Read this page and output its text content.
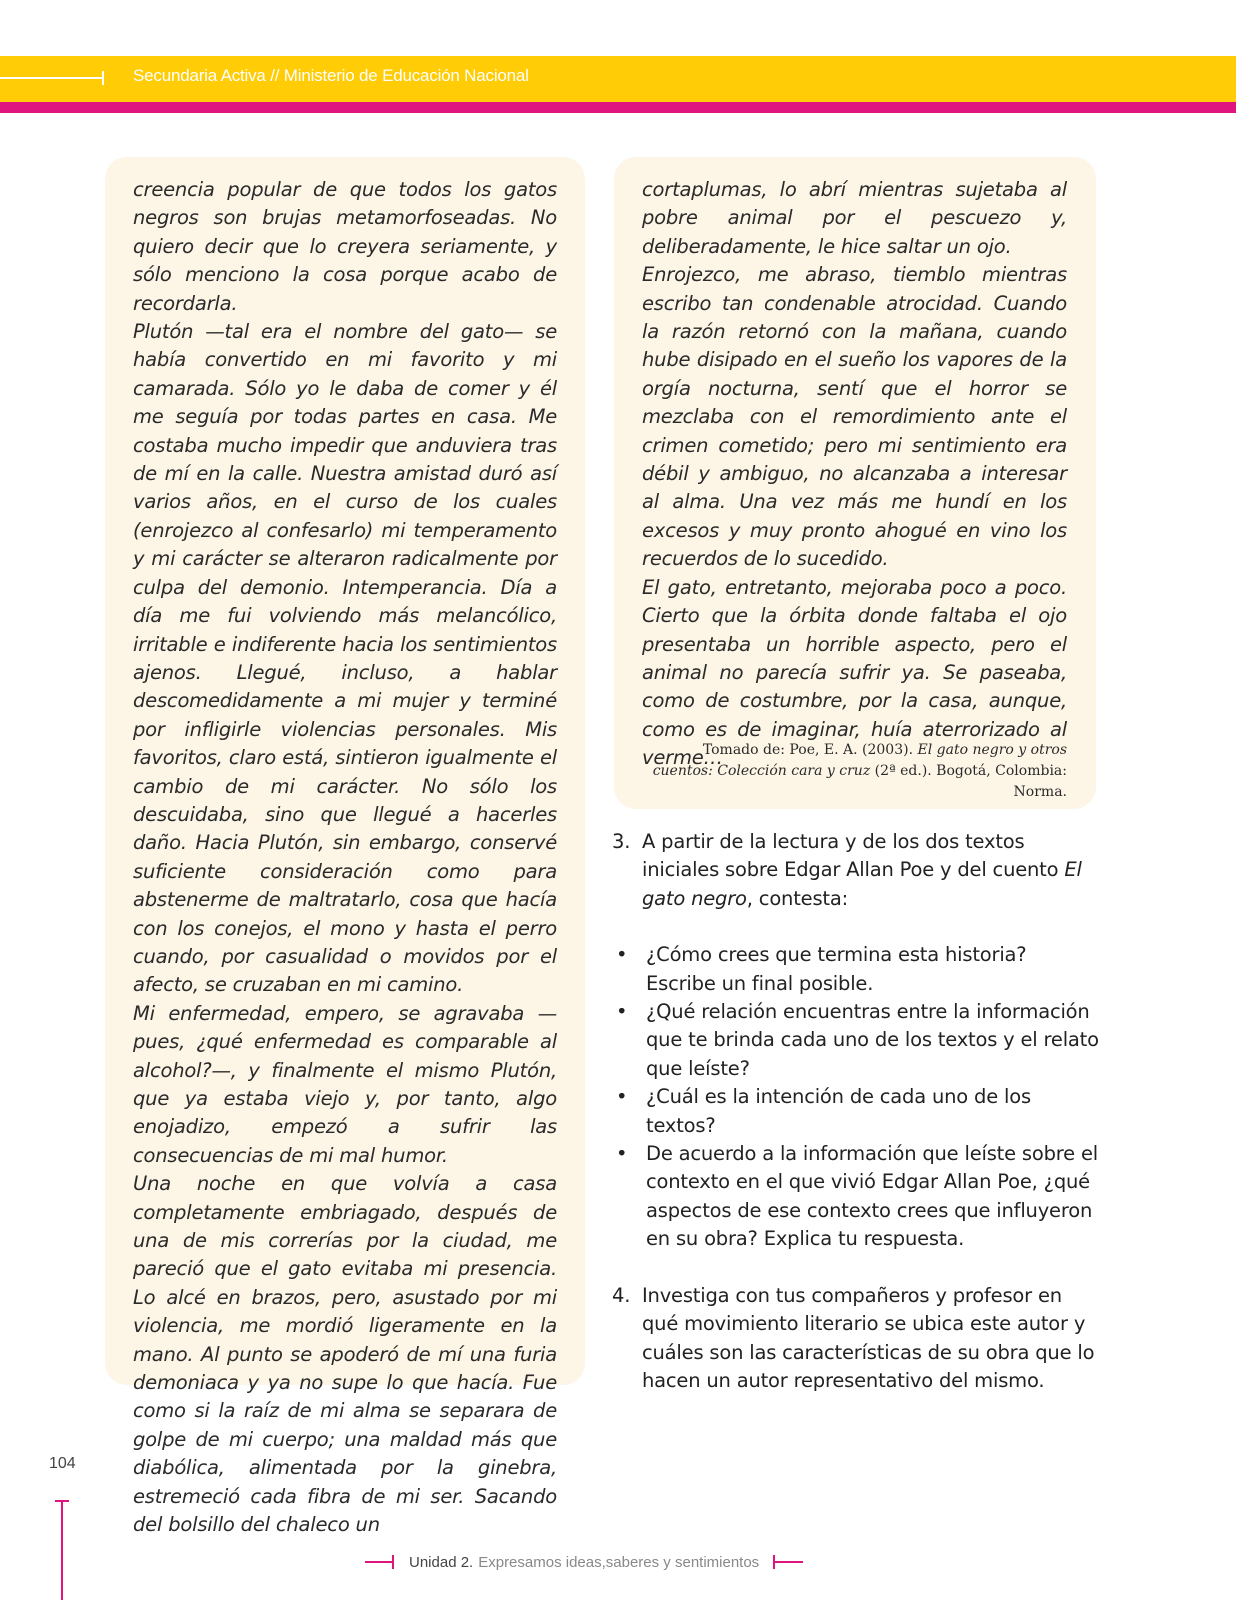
Secundaria Activa // Ministerio de Educación Nacional

creencia popular de que todos los gatos negros son brujas metamorfoseadas. No quiero decir que lo creyera seriamente, y sólo menciono la cosa porque acabo de recordarla.

Plutón —tal era el nombre del gato— se había convertido en mi favorito y mi camarada. Sólo yo le daba de comer y él me seguía por todas partes en casa. Me costaba mucho impedir que anduviera tras de mí en la calle. Nuestra amistad duró así varios años, en el curso de los cuales (enrojezco al confesarlo) mi temperamento y mi carácter se alteraron radicalmente por culpa del demonio. Intemperancia. Día a día me fui volviendo más melancólico, irritable e indiferente hacia los sentimientos ajenos. Llegué, incluso, a hablar descomedidamente a mi mujer y terminé por infligirle violencias personales. Mis favoritos, claro está, sintieron igualmente el cambio de mi carácter. No sólo los descuidaba, sino que llegué a hacerles daño. Hacia Plutón, sin embargo, conservé suficiente consideración como para abstenerme de maltratarlo, cosa que hacía con los conejos, el mono y hasta el perro cuando, por casualidad o movidos por el afecto, se cruzaban en mi camino.

Mi enfermedad, empero, se agravaba —pues, ¿qué enfermedad es comparable al alcohol?—, y finalmente el mismo Plutón, que ya estaba viejo y, por tanto, algo enojadizo, empezó a sufrir las consecuencias de mi mal humor.

Una noche en que volvía a casa completamente embriagado, después de una de mis correrías por la ciudad, me pareció que el gato evitaba mi presencia. Lo alcé en brazos, pero, asustado por mi violencia, me mordió ligeramente en la mano. Al punto se apoderó de mí una furia demoniaca y ya no supe lo que hacía. Fue como si la raíz de mi alma se separara de golpe de mi cuerpo; una maldad más que diabólica, alimentada por la ginebra, estremeció cada fibra de mi ser. Sacando del bolsillo del chaleco un

cortaplumas, lo abrí mientras sujetaba al pobre animal por el pescuezo y, deliberadamente, le hice saltar un ojo.

Enrojezco, me abraso, tiemblo mientras escribo tan condenable atrocidad. Cuando la razón retornó con la mañana, cuando hube disipado en el sueño los vapores de la orgía nocturna, sentí que el horror se mezclaba con el remordimiento ante el crimen cometido; pero mi sentimiento era débil y ambiguo, no alcanzaba a interesar al alma. Una vez más me hundí en los excesos y muy pronto ahogué en vino los recuerdos de lo sucedido.

El gato, entretanto, mejoraba poco a poco. Cierto que la órbita donde faltaba el ojo presentaba un horrible aspecto, pero el animal no parecía sufrir ya. Se paseaba, como de costumbre, por la casa, aunque, como es de imaginar, huía aterrorizado al verme…

Tomado de: Poe, E. A. (2003). El gato negro y otros cuentos: Colección cara y cruz (2ª ed.). Bogotá, Colombia: Norma.
3. A partir de la lectura y de los dos textos iniciales sobre Edgar Allan Poe y del cuento El gato negro, contesta:
• ¿Cómo crees que termina esta historia? Escribe un final posible.
• ¿Qué relación encuentras entre la información que te brinda cada uno de los textos y el relato que leíste?
• ¿Cuál es la intención de cada uno de los textos?
• De acuerdo a la información que leíste sobre el contexto en el que vivió Edgar Allan Poe, ¿qué aspectos de ese contexto crees que influyeron en su obra? Explica tu respuesta.
4. Investiga con tus compañeros y profesor en qué movimiento literario se ubica este autor y cuáles son las características de su obra que lo hacen un autor representativo del mismo.
104
Unidad 2. Expresamos ideas,saberes y sentimientos
